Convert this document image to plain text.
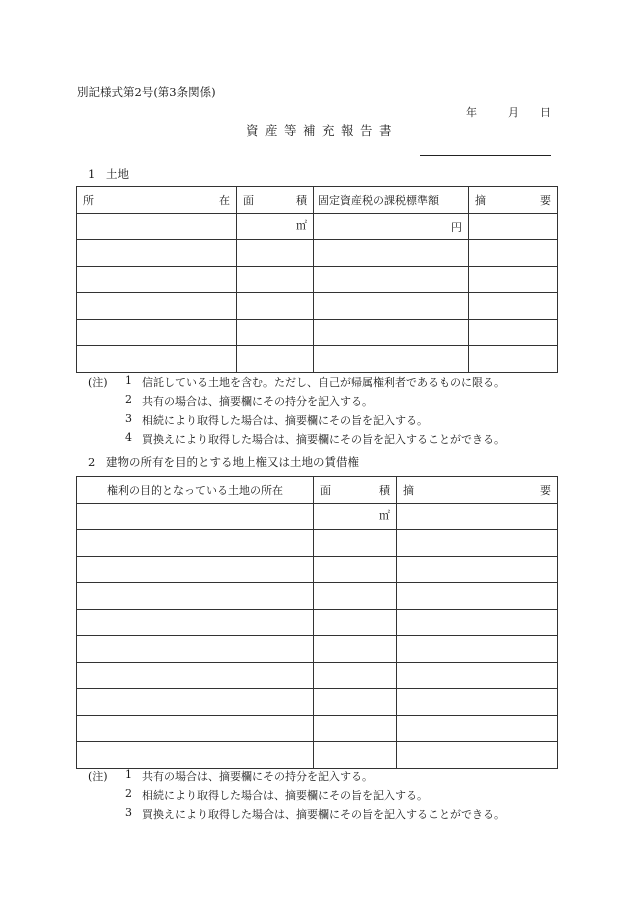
別記様式第2号(第3条関係)
年	月 日
資産等補充報告書
1 土地
所 在	面 積	固定資産税の課税標準額	摘 要

	㎡	円	

(注) 1 信託している土地を含む。ただし、自己が帰属権利者であるものに限る。
2 共有の場合は、摘要欄にその持分を記入する。
3 相続により取得した場合は、摘要欄にその旨を記入する。
4 買換えにより取得した場合は、摘要欄にその旨を記入することができる。
2 建物の所有を目的とする地上権又は土地の賃借権
権利の目的となっている土地の所在	面 積	摘 要

	㎡	

(注) 1 共有の場合は、摘要欄にその持分を記入する。
2 相続により取得した場合は、摘要欄にその旨を記入する。
3 買換えにより取得した場合は、摘要欄にその旨を記入することができる。
